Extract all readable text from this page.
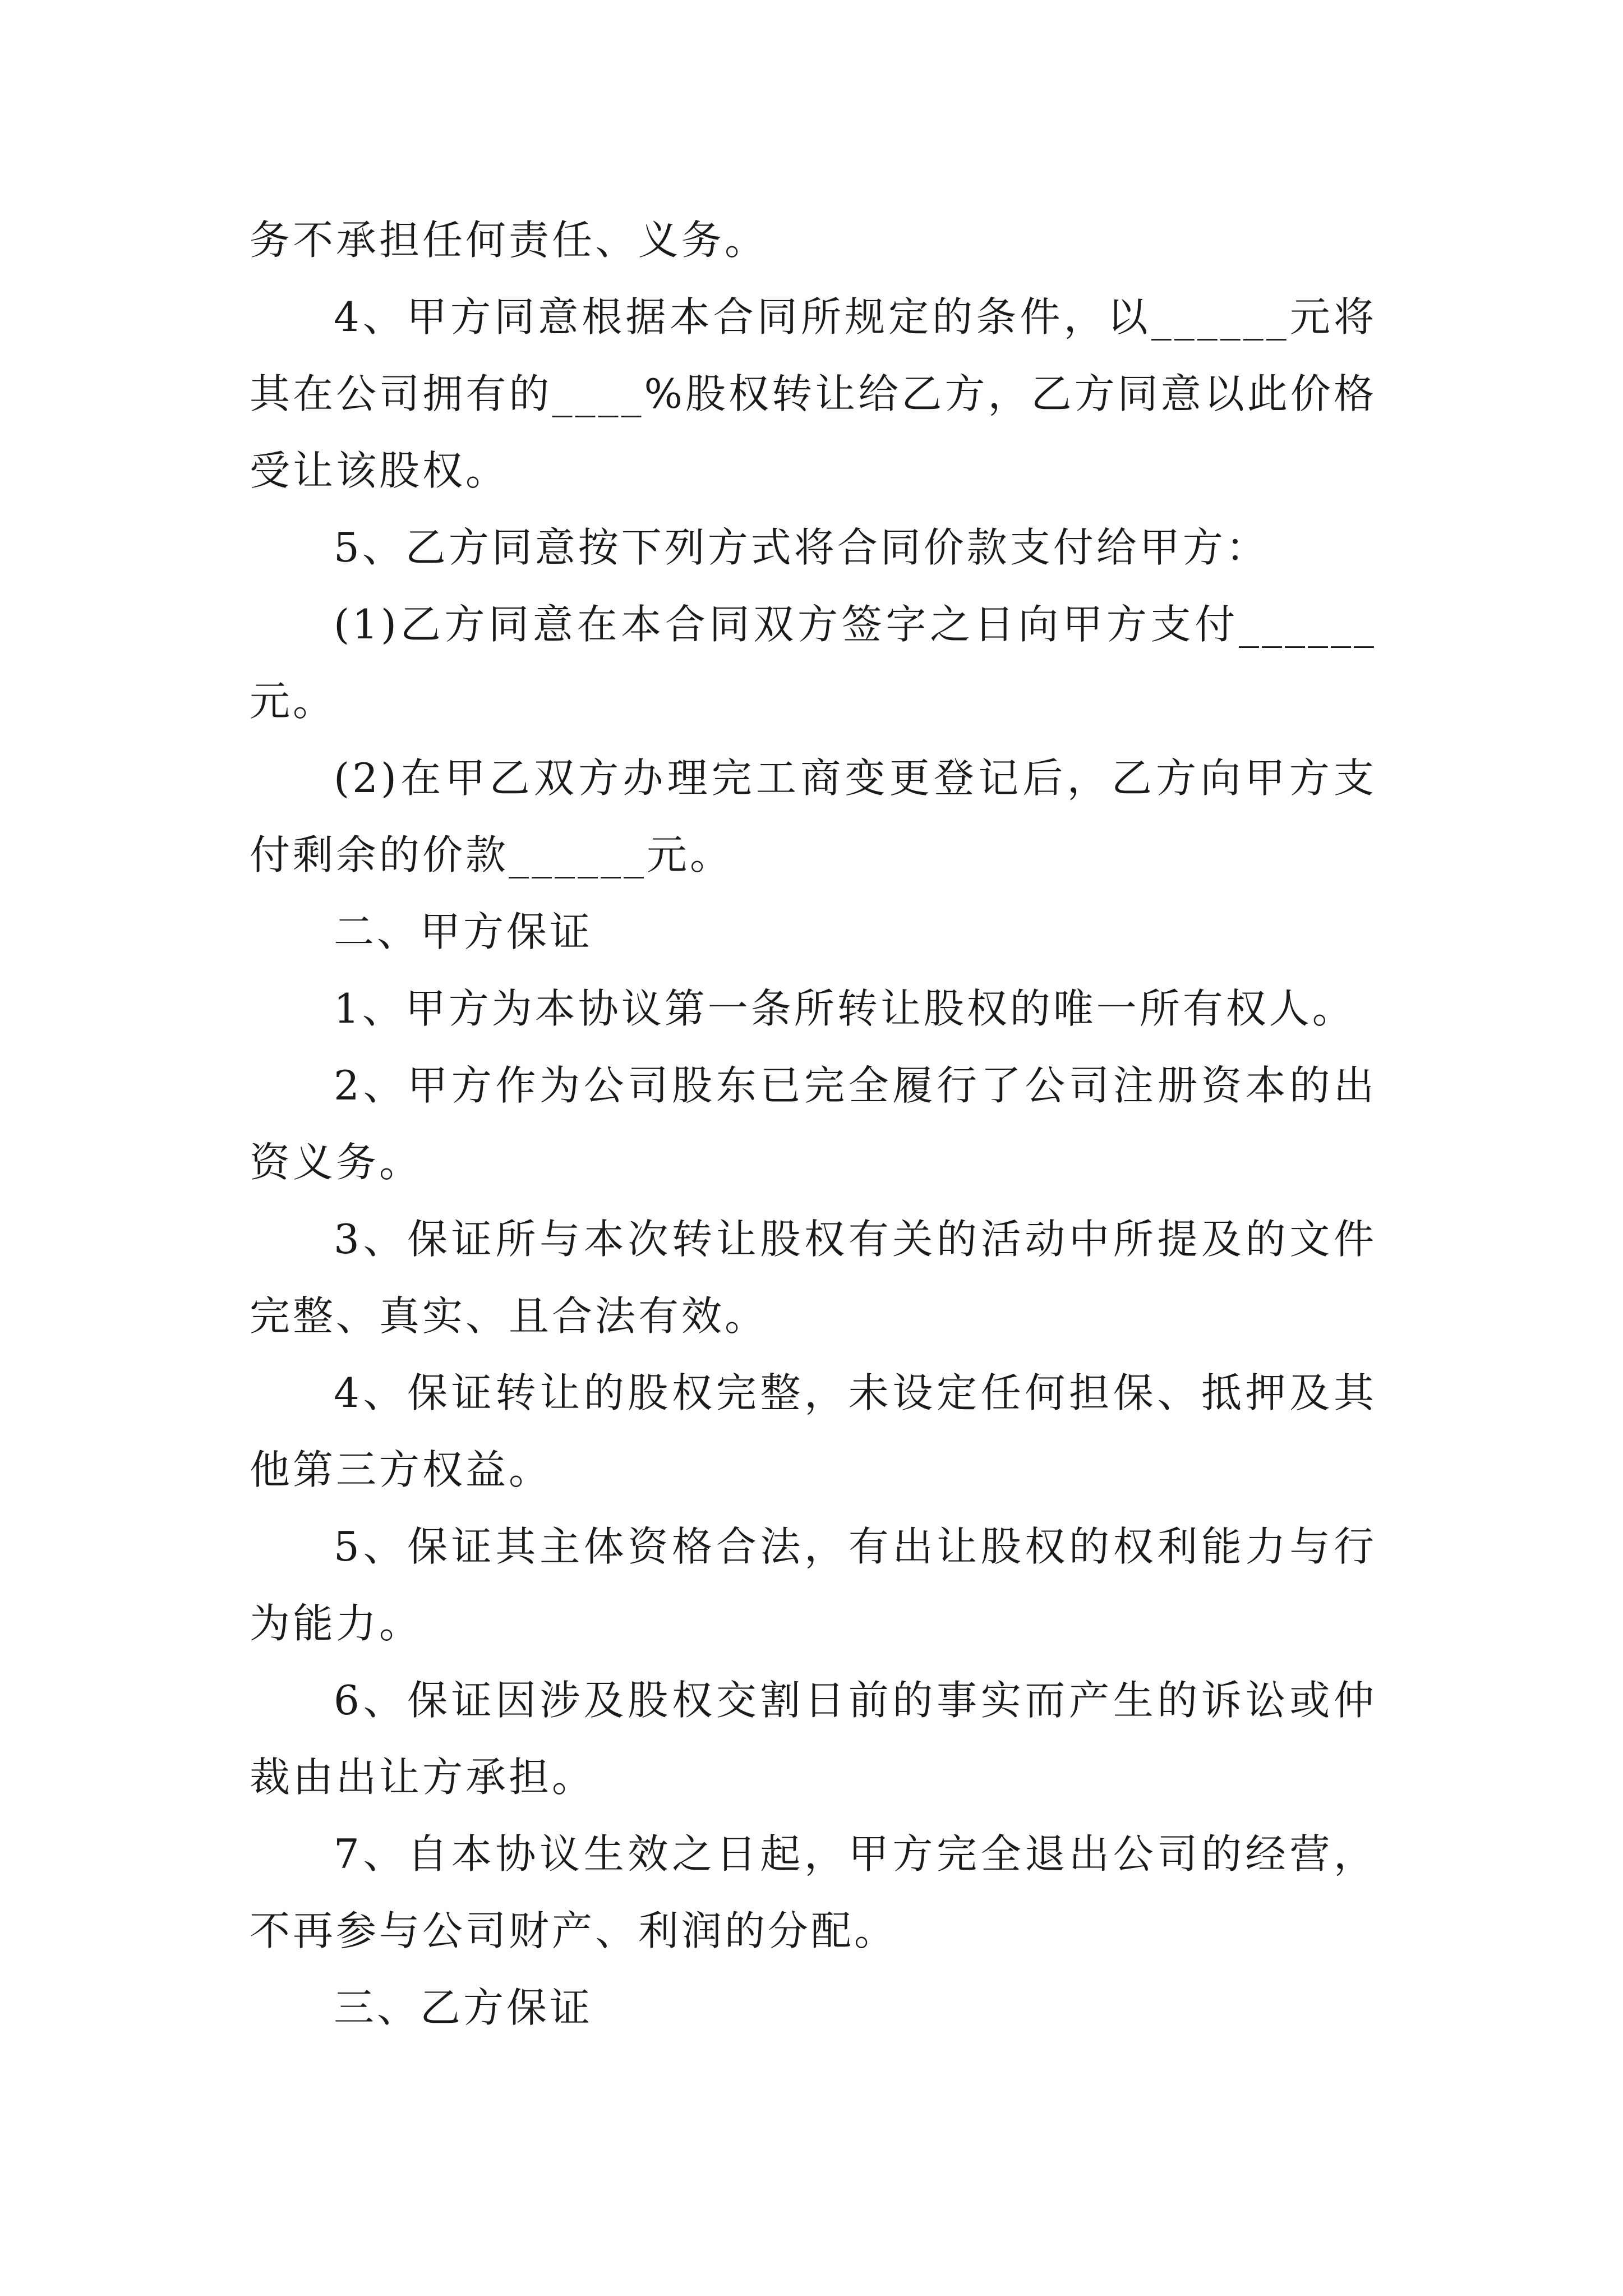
务不承担任何责任、义务。

4、甲方同意根据本合同所规定的条件，以______元将其在公司拥有的____%股权转让给乙方，乙方同意以此价格受让该股权。

5、乙方同意按下列方式将合同价款支付给甲方：

(1)乙方同意在本合同双方签字之日向甲方支付______元。

(2)在甲乙双方办理完工商变更登记后，乙方向甲方支付剩余的价款______元。

二、甲方保证

1、甲方为本协议第一条所转让股权的唯一所有权人。

2、甲方作为公司股东已完全履行了公司注册资本的出资义务。

3、保证所与本次转让股权有关的活动中所提及的文件完整、真实、且合法有效。

4、保证转让的股权完整，未设定任何担保、抵押及其他第三方权益。

5、保证其主体资格合法，有出让股权的权利能力与行为能力。

6、保证因涉及股权交割日前的事实而产生的诉讼或仲裁由出让方承担。

7、自本协议生效之日起，甲方完全退出公司的经营，不再参与公司财产、利润的分配。

三、乙方保证
